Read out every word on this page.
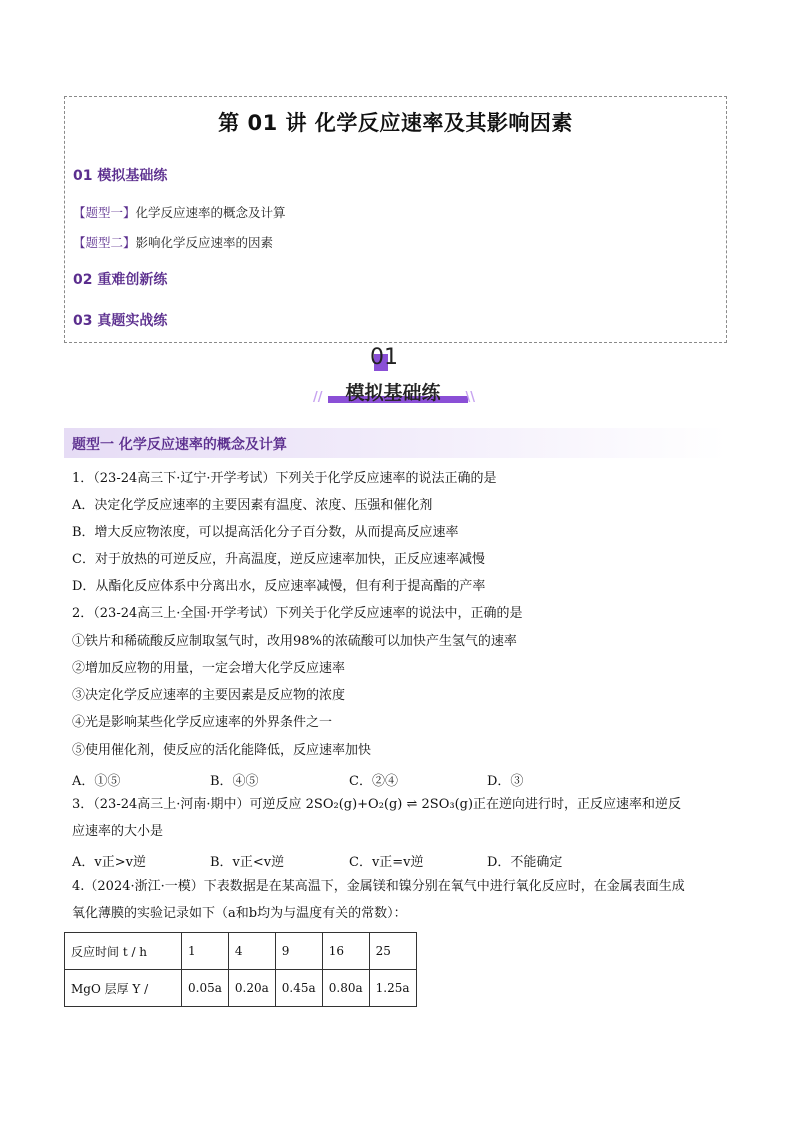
第 01 讲 化学反应速率及其影响因素
01 模拟基础练
【题型一】化学反应速率的概念及计算
【题型二】影响化学反应速率的因素
02 重难创新练
03 真题实战练
01
//	模拟基础练	\\
题型一 化学反应速率的概念及计算
1．（23-24高三下·辽宁·开学考试）下列关于化学反应速率的说法正确的是
A．决定化学反应速率的主要因素有温度、浓度、压强和催化剂
B．增大反应物浓度，可以提高活化分子百分数，从而提高反应速率
C．对于放热的可逆反应，升高温度，逆反应速率加快，正反应速率减慢
D．从酯化反应体系中分离出水，反应速率减慢，但有利于提高酯的产率
2．（23-24高三上·全国·开学考试）下列关于化学反应速率的说法中，正确的是
①铁片和稀硫酸反应制取氢气时，改用98%的浓硫酸可以加快产生氢气的速率
②增加反应物的用量，一定会增大化学反应速率
③决定化学反应速率的主要因素是反应物的浓度
④光是影响某些化学反应速率的外界条件之一
⑤使用催化剂，使反应的活化能降低，反应速率加快
A．①⑤	B．④⑤	C．②④	D．③
3．（23-24高三上·河南·期中）可逆反应 2SO₂(g)+O₂(g) ⇌ 2SO₃(g)正在逆向进行时，正反应速率和逆反
应速率的大小是
A．v正>v逆	B．v正<v逆	C．v正=v逆	D．不能确定
4.（2024·浙江·一模）下表数据是在某高温下，金属镁和镍分别在氧气中进行氧化反应时，在金属表面生成
氧化薄膜的实验记录如下（a和b均为与温度有关的常数）：
反应时间 t / h	1	4	9	16	25
MgO 层厚 Y /	0.05a	0.20a	0.45a	0.80a	1.25a
